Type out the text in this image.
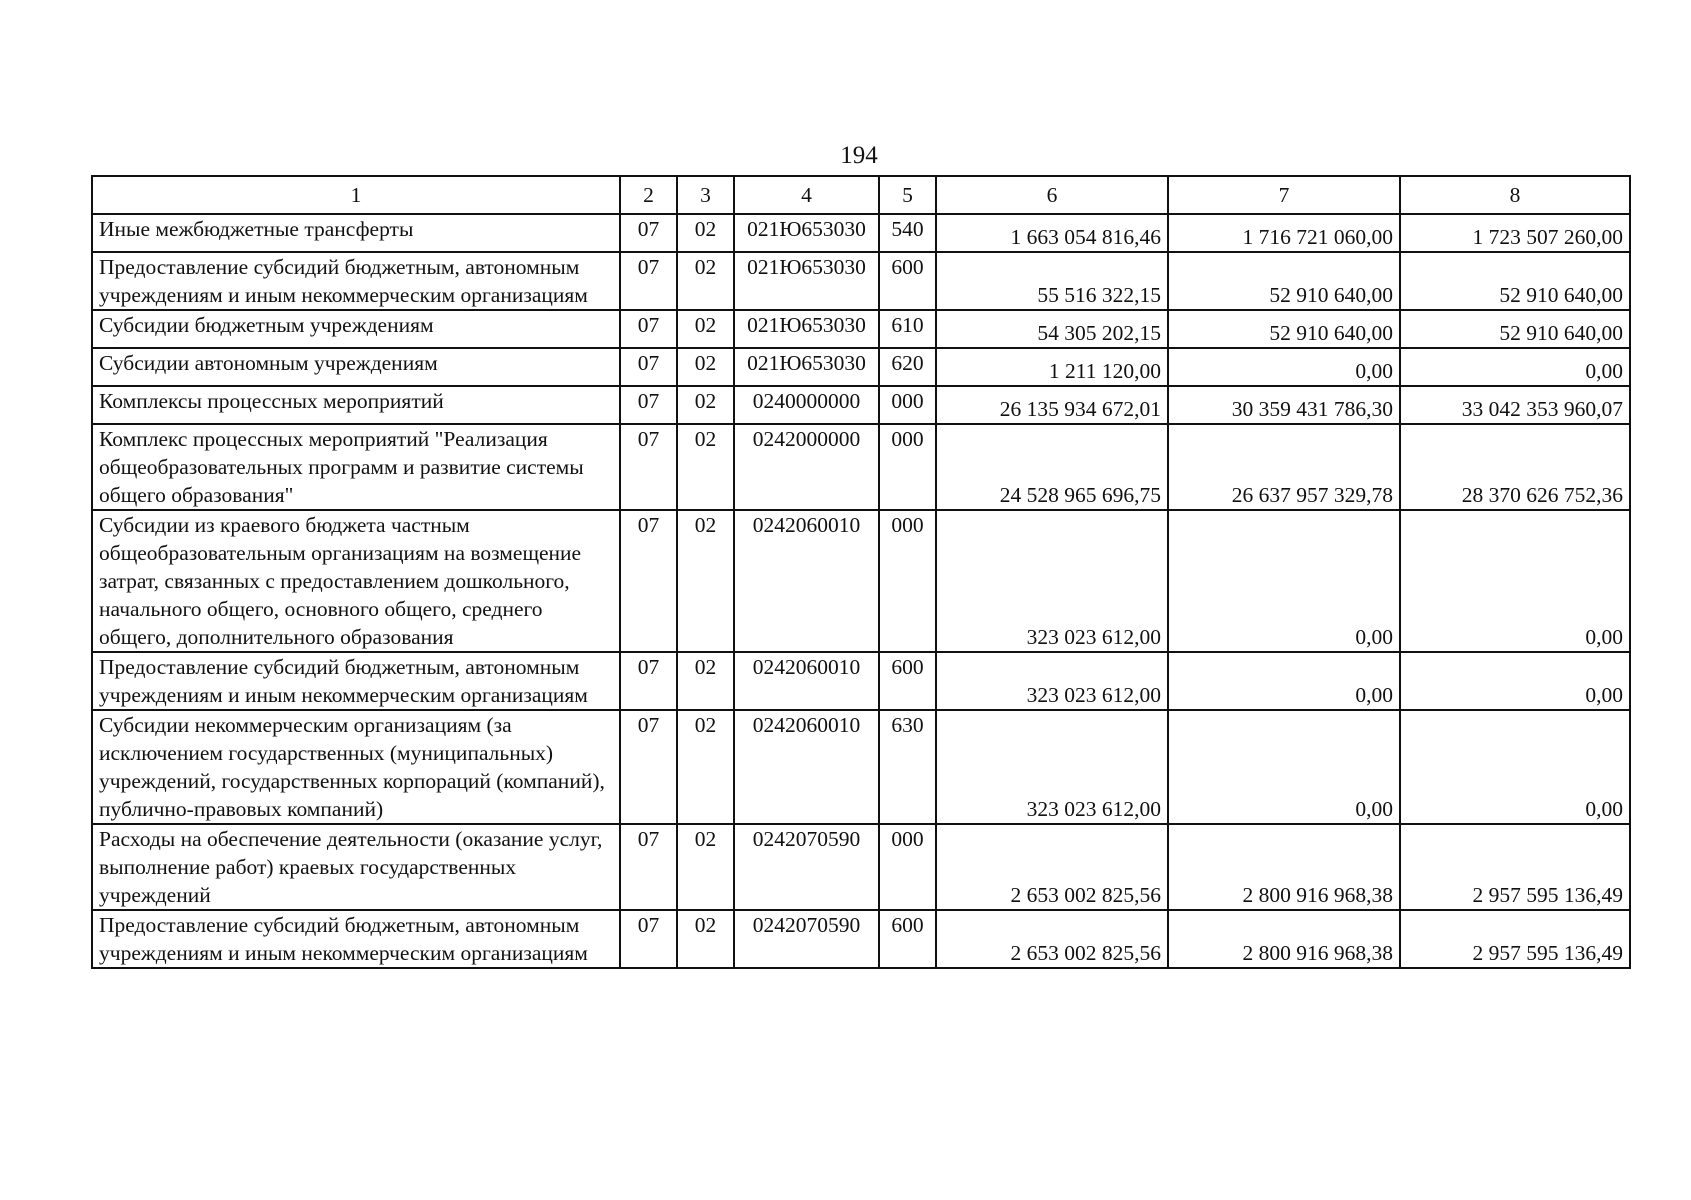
194
1	2	3	4	5	6	7	8
Иные межбюджетные трансферты	07	02	021Ю653030	540	1 663 054 816,46	1 716 721 060,00	1 723 507 260,00
Предоставление субсидий бюджетным, автономным учреждениям и иным некоммерческим организациям	07	02	021Ю653030	600	55 516 322,15	52 910 640,00	52 910 640,00
Субсидии бюджетным учреждениям	07	02	021Ю653030	610	54 305 202,15	52 910 640,00	52 910 640,00
Субсидии автономным учреждениям	07	02	021Ю653030	620	1 211 120,00	0,00	0,00
Комплексы процессных мероприятий	07	02	0240000000	000	26 135 934 672,01	30 359 431 786,30	33 042 353 960,07
Комплекс процессных мероприятий "Реализация общеобразовательных программ и развитие системы общего образования"	07	02	0242000000	000	24 528 965 696,75	26 637 957 329,78	28 370 626 752,36
Субсидии из краевого бюджета частным общеобразовательным организациям на возмещение затрат, связанных с предоставлением дошкольного, начального общего, основного общего, среднего общего, дополнительного образования	07	02	0242060010	000	323 023 612,00	0,00	0,00
Предоставление субсидий бюджетным, автономным учреждениям и иным некоммерческим организациям	07	02	0242060010	600	323 023 612,00	0,00	0,00
Субсидии некоммерческим организациям (за исключением государственных (муниципальных) учреждений, государственных корпораций (компаний), публично-правовых компаний)	07	02	0242060010	630	323 023 612,00	0,00	0,00
Расходы на обеспечение деятельности (оказание услуг, выполнение работ) краевых государственных учреждений	07	02	0242070590	000	2 653 002 825,56	2 800 916 968,38	2 957 595 136,49
Предоставление субсидий бюджетным, автономным учреждениям и иным некоммерческим организациям	07	02	0242070590	600	2 653 002 825,56	2 800 916 968,38	2 957 595 136,49
